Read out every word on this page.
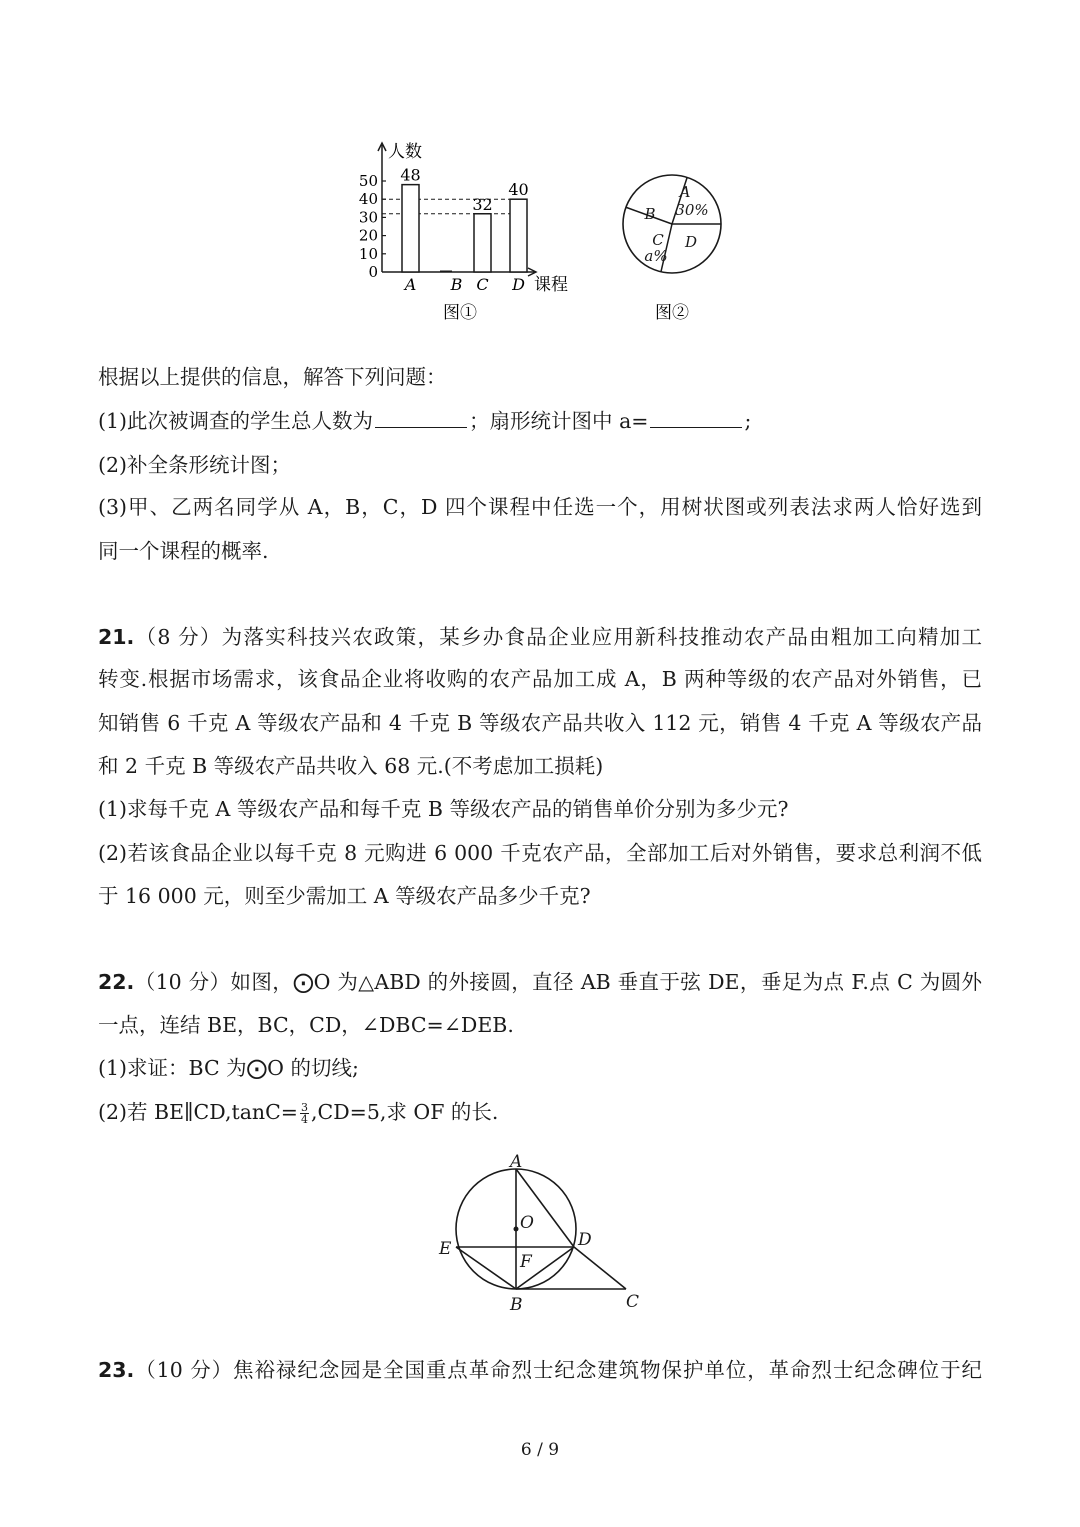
人数
课程
0
10
20
30
40
50 48
A B
32
C
40
D
图①
A
30%
B
C
a%
D
图②
根据以上提供的信息，解答下列问题：
(1)此次被调查的学生总人数为	；扇形统计图中 a=	;
(2)补全条形统计图；
(3)甲、乙两名同学从 A，B，C，D 四个课程中任选一个，用树状图或列表法求两人恰好选到
同一个课程的概率.
21.（8 分）为落实科技兴农政策，某乡办食品企业应用新科技推动农产品由粗加工向精加工
转变.根据市场需求，该食品企业将收购的农产品加工成 A，B 两种等级的农产品对外销售，已
知销售 6 千克 A 等级农产品和 4 千克 B 等级农产品共收入 112 元，销售 4 千克 A 等级农产品
和 2 千克 B 等级农产品共收入 68 元.(不考虑加工损耗)
(1)求每千克 A 等级农产品和每千克 B 等级农产品的销售单价分别为多少元?
(2)若该食品企业以每千克 8 元购进 6 000 千克农产品，全部加工后对外销售，要求总利润不低
于 16 000 元，则至少需加工 A 等级农产品多少千克?
22.（10 分）如图，⨀O 为△ABD 的外接圆，直径 AB 垂直于弦 DE，垂足为点 F.点 C 为圆外
一点，连结 BE，BC，CD，∠DBC=∠DEB.
(1)求证：BC 为⨀O 的切线;
(2)若 BE∥CD,tanC= $\frac{3}{4} ,CD=5$,求 OF 的长.
A
O
D
E
F
B	C
23.（10 分）焦裕禄纪念园是全国重点革命烈士纪念建筑物保护单位，革命烈士纪念碑位于纪
6 / 9
